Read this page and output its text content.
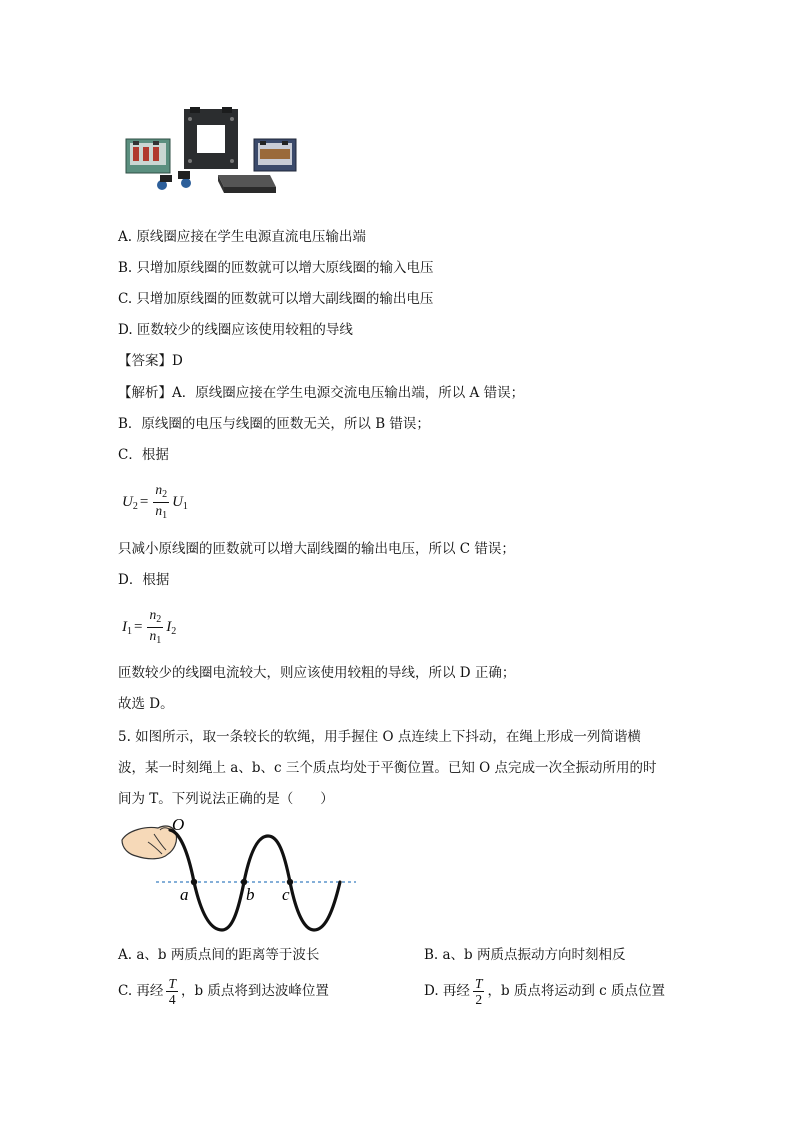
A. 原线圈应接在学生电源直流电压输出端
B. 只增加原线圈的匝数就可以增大原线圈的输入电压
C. 只增加原线圈的匝数就可以增大副线圈的输出电压
D. 匝数较少的线圈应该使用较粗的导线
【答案】D
【解析】A．原线圈应接在学生电源交流电压输出端，所以 A 错误；
B．原线圈的电压与线圈的匝数无关，所以 B 错误；
C．根据
$U_2 = \frac{n_2}{n_1} U_1$
只减小原线圈的匝数就可以增大副线圈的输出电压，所以 C 错误；
D．根据
$I_1 = \frac{n_2}{n_1} I_2$
匝数较少的线圈电流较大，则应该使用较粗的导线，所以 D 正确；
故选 D。
5. 如图所示，取一条较长的软绳，用手握住 O 点连续上下抖动，在绳上形成一列简谐横
波，某一时刻绳上 a、b、c 三个质点均处于平衡位置。已知 O 点完成一次全振动所用的时
间为 T。下列说法正确的是（　　）
O
a	b c
A. a、b 两质点间的距离等于波长	B. a、b 两质点振动方向时刻相反
C. 再经 $\frac{T}{4}$ ，b 质点将到达波峰位置	D. 再经 $\frac{T}{2}$ ，b 质点将运动到 c 质点位置
